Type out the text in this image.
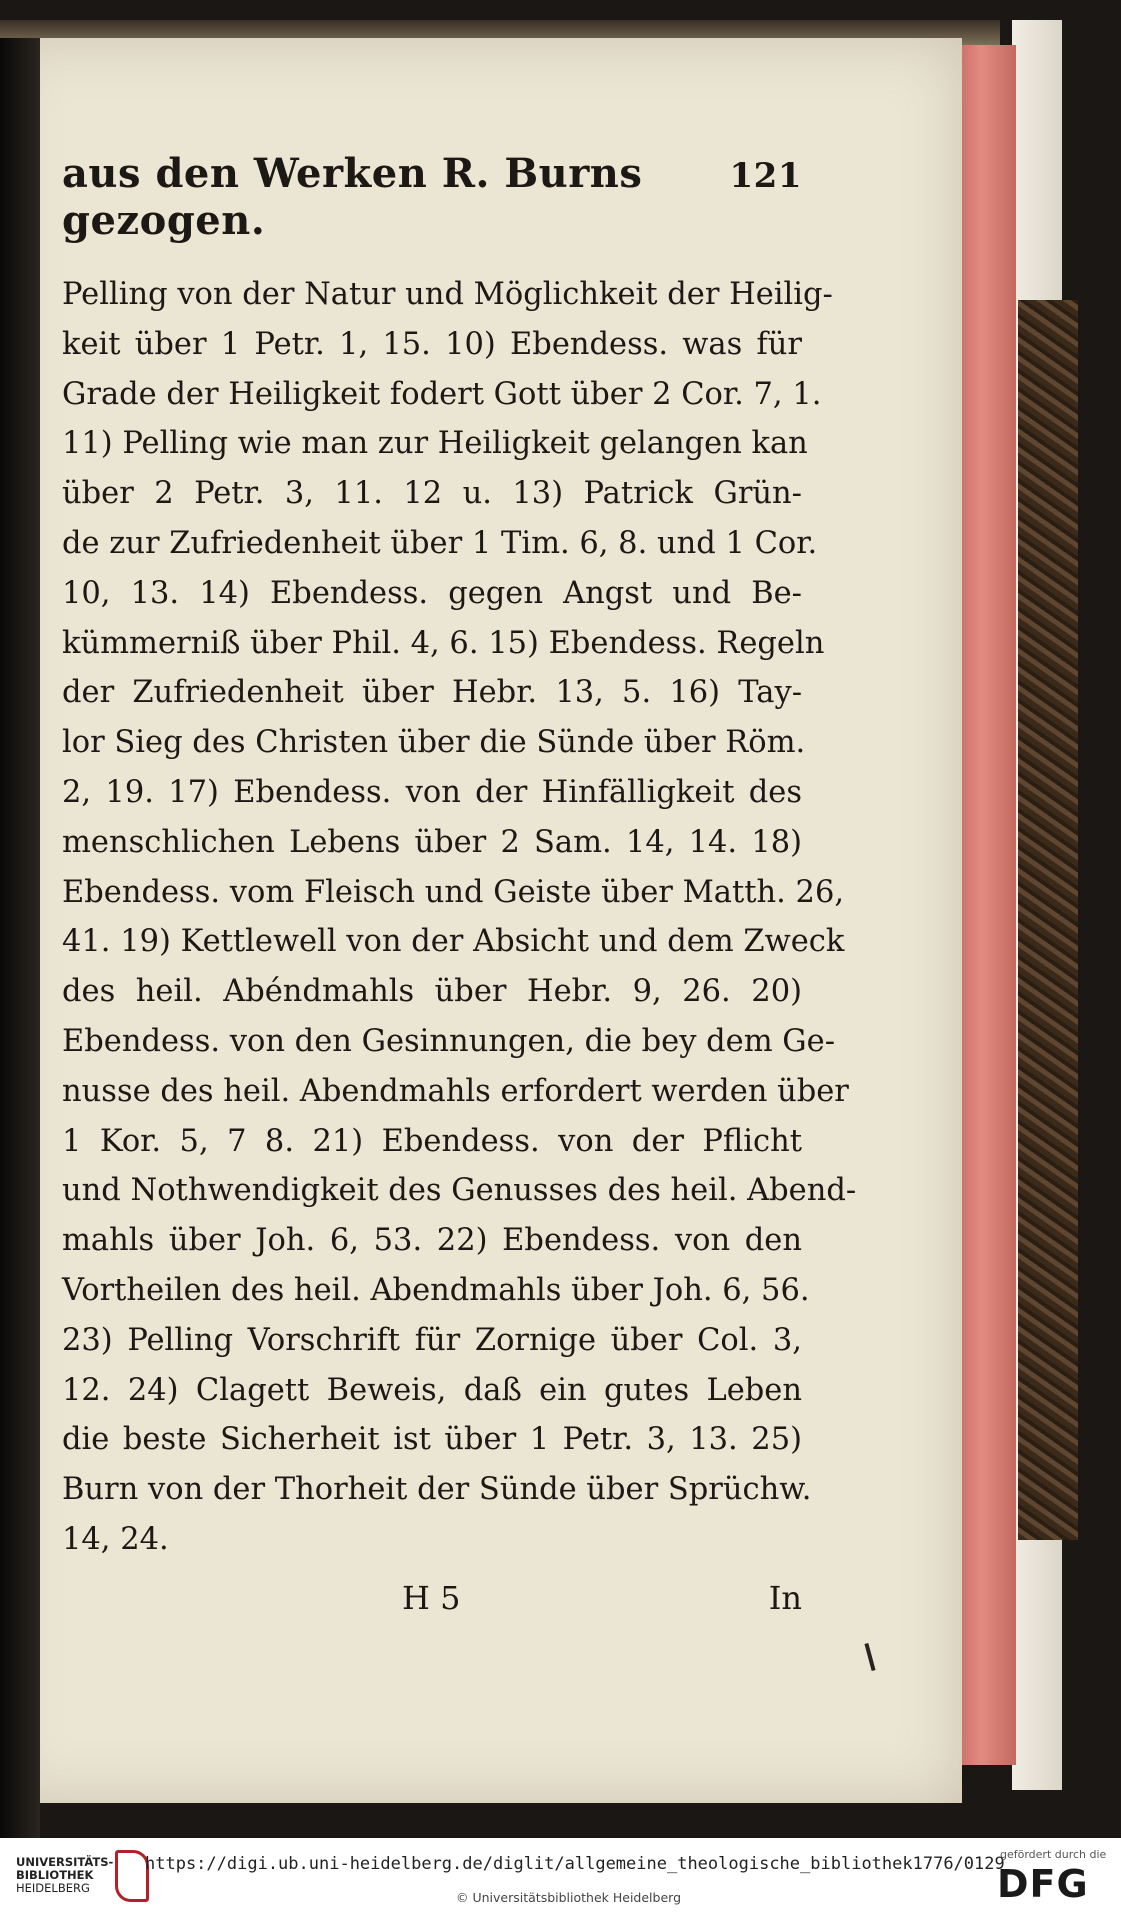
aus den Werken R. Burns gezogen.
121
Pelling von der Natur und Möglichkeit der Heilig-
keit über 1 Petr. 1, 15. 10) Ebendess. was für
Grade der Heiligkeit fodert Gott über 2 Cor. 7, 1.
11) Pelling wie man zur Heiligkeit gelangen kan
über 2 Petr. 3, 11. 12 u. 13) Patrick Grün-
de zur Zufriedenheit über 1 Tim. 6, 8. und 1 Cor.
10, 13. 14) Ebendess. gegen Angst und Be-
kümmerniß über Phil. 4, 6. 15) Ebendess. Regeln
der Zufriedenheit über Hebr. 13, 5. 16) Tay-
lor Sieg des Christen über die Sünde über Röm.
2, 19. 17) Ebendess. von der Hinfälligkeit des
menschlichen Lebens über 2 Sam. 14, 14. 18)
Ebendess. vom Fleisch und Geiste über Matth. 26,
41. 19) Kettlewell von der Absicht und dem Zweck
des heil. Abéndmahls über Hebr. 9, 26. 20)
Ebendess. von den Gesinnungen, die bey dem Ge-
nusse des heil. Abendmahls erfordert werden über
1 Kor. 5, 7 8. 21) Ebendess. von der Pflicht
und Nothwendigkeit des Genusses des heil. Abend-
mahls über Joh. 6, 53. 22) Ebendess. von den
Vortheilen des heil. Abendmahls über Joh. 6, 56.
23) Pelling Vorschrift für Zornige über Col. 3,
12. 24) Clagett Beweis, daß ein gutes Leben
die beste Sicherheit ist über 1 Petr. 3, 13. 25)
Burn von der Thorheit der Sünde über Sprüchw.
14, 24.
H 5	In
UNIVERSITÄTS-
BIBLIOTHEK
HEIDELBERG
https://digi.ub.uni-heidelberg.de/diglit/allgemeine_theologische_bibliothek1776/0129
© Universitätsbibliothek Heidelberg
gefördert durch die
DFG
